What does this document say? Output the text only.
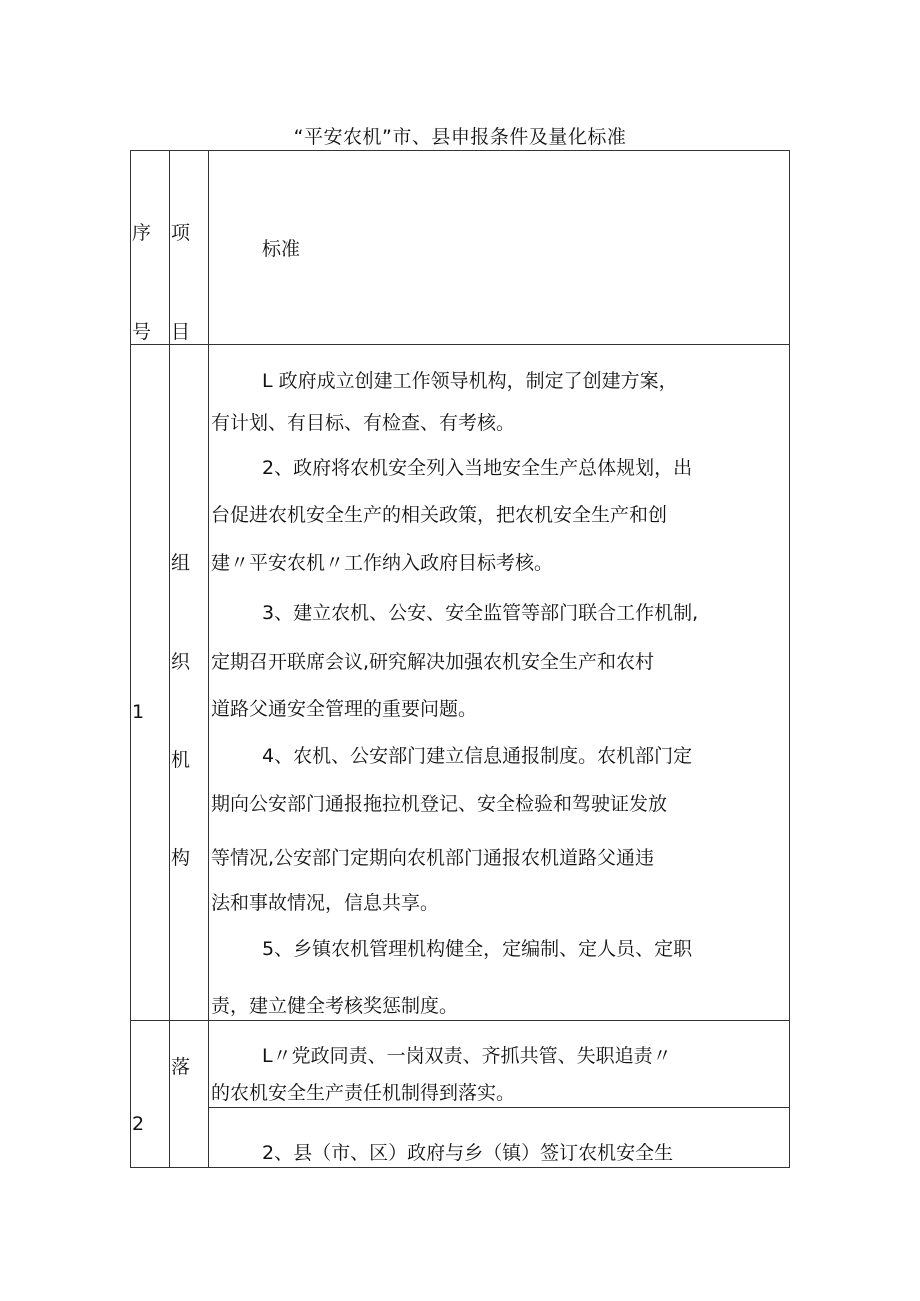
“平安农机”市、县申报条件及量化标准
序
号
项
目
标准
1
组
织
机
构
L 政府成立创建工作领导机构，制定了创建方案，
有计划、有目标、有检查、有考核。
2、政府将农机安全列入当地安全生产总体规划，出
台促进农机安全生产的相关政策，把农机安全生产和创
建〃平安农机〃工作纳入政府目标考核。
3、建立农机、公安、安全监管等部门联合工作机制,
定期召开联席会议,研究解决加强农机安全生产和农村
道路父通安全管理的重要问题。
4、农机、公安部门建立信息通报制度。农机部门定
期向公安部门通报拖拉机登记、安全检验和驾驶证发放
等情况,公安部门定期向农机部门通报农机道路父通违
法和事故情况，信息共享。
5、乡镇农机管理机构健全，定编制、定人员、定职
责，建立健全考核奖惩制度。
2
落	L〃党政同责、一岗双责、齐抓共管、失职追责〃
的农机安全生产责任机制得到落实。
2、县（市、区）政府与乡（镇）签订农机安全生
